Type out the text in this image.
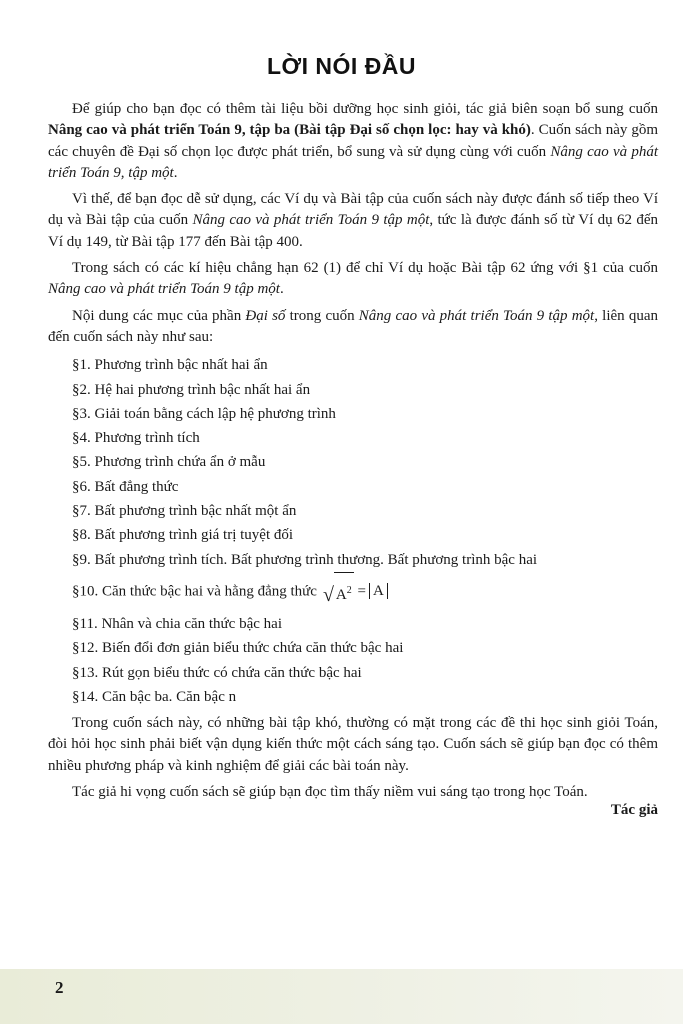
LỜI NÓI ĐẦU

Để giúp cho bạn đọc có thêm tài liệu bồi dưỡng học sinh giỏi, tác giả biên soạn bổ sung cuốn Nâng cao và phát triển Toán 9, tập ba (Bài tập Đại số chọn lọc: hay và khó). Cuốn sách này gồm các chuyên đề Đại số chọn lọc được phát triển, bổ sung và sử dụng cùng với cuốn Nâng cao và phát triển Toán 9, tập một.

Vì thế, để bạn đọc dễ sử dụng, các Ví dụ và Bài tập của cuốn sách này được đánh số tiếp theo Ví dụ và Bài tập của cuốn Nâng cao và phát triển Toán 9 tập một, tức là được đánh số từ Ví dụ 62 đến Ví dụ 149, từ Bài tập 177 đến Bài tập 400.

Trong sách có các kí hiệu chẳng hạn 62 (1) để chỉ Ví dụ hoặc Bài tập 62 ứng với §1 của cuốn Nâng cao và phát triển Toán 9 tập một.

Nội dung các mục của phần Đại số trong cuốn Nâng cao và phát triển Toán 9 tập một, liên quan đến cuốn sách này như sau:

§1. Phương trình bậc nhất hai ẩn
§2. Hệ hai phương trình bậc nhất hai ẩn
§3. Giải toán bằng cách lập hệ phương trình
§4. Phương trình tích
§5. Phương trình chứa ẩn ở mẫu
§6. Bất đẳng thức
§7. Bất phương trình bậc nhất một ẩn
§8. Bất phương trình giá trị tuyệt đối
§9. Bất phương trình tích. Bất phương trình thương. Bất phương trình bậc hai
§10. Căn thức bậc hai và hằng đẳng thức √ $A^2 = A$
§11. Nhân và chia căn thức bậc hai
§12. Biến đổi đơn giản biểu thức chứa căn thức bậc hai
§13. Rút gọn biểu thức có chứa căn thức bậc hai
§14. Căn bậc ba. Căn bậc n

Trong cuốn sách này, có những bài tập khó, thường có mặt trong các đề thi học sinh giỏi Toán, đòi hỏi học sinh phải biết vận dụng kiến thức một cách sáng tạo. Cuốn sách sẽ giúp bạn đọc có thêm nhiều phương pháp và kinh nghiệm để giải các bài toán này.

Tác giả hi vọng cuốn sách sẽ giúp bạn đọc tìm thấy niềm vui sáng tạo trong học Toán.

Tác giả
2
